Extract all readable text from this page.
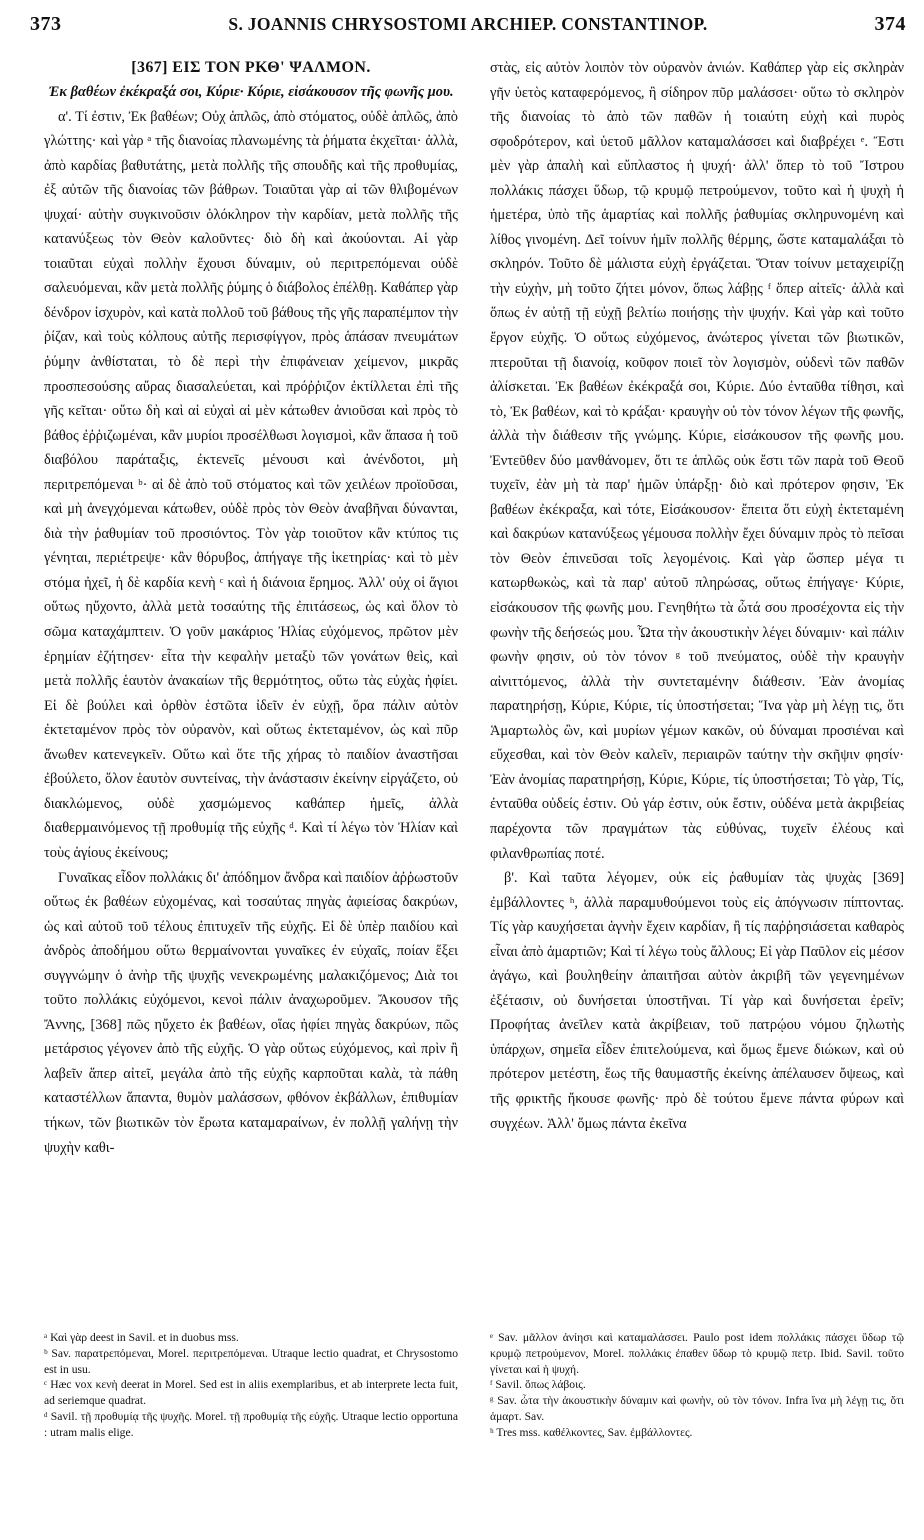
373	S. JOANNIS CHRYSOSTOMI ARCHIEP. CONSTANTINOP.	374
[367] ΕΙΣ ΤΟΝ ΡΚΘ' ΨΑΛΜΟΝ.

Ἐκ βαθέων ἐκέκραξά σοι, Κύριε· Κύριε, εἰσάκουσον τῆς φωνῆς μου.

α'. Τί ἐστιν, Ἐκ βαθέων; Οὐχ ἁπλῶς, ἀπὸ στόματος, οὐδὲ ἁπλῶς, ἀπὸ γλώττης· καὶ γὰρ ᵃ τῆς διανοίας πλανωμένης τὰ ῥήματα ἐκχεῖται· ἀλλὰ, ἀπὸ καρδίας βαθυτάτης, μετὰ πολλῆς τῆς σπουδῆς καὶ τῆς προθυμίας, ἐξ αὐτῶν τῆς διανοίας τῶν βάθρων. Τοιαῦται γὰρ αἱ τῶν θλιβομένων ψυχαί· αὐτὴν συγκινοῦσιν ὁλόκληρον τὴν καρδίαν, μετὰ πολλῆς τῆς κατανύξεως τὸν Θεὸν καλοῦντες· διὸ δὴ καὶ ἀκούονται. Αἱ γὰρ τοιαῦται εὐχαὶ πολλὴν ἔχουσι δύναμιν, οὐ περιτρεπόμεναι οὐδὲ σαλευόμεναι, κἂν μετὰ πολλῆς ῥύμης ὁ διάβολος ἐπέλθῃ. Καθάπερ γὰρ δένδρον ἰσχυρὸν, καὶ κατὰ πολλοῦ τοῦ βάθους τῆς γῆς παραπέμπον τὴν ῥίζαν, καὶ τοὺς κόλπους αὐτῆς περισφίγγον, πρὸς ἁπάσαν πνευμάτων ῥύμην ἀνθίσταται, τὸ δὲ περὶ τὴν ἐπιφάνειαν χείμενον, μικρᾶς προσπεσούσης αὔρας διασαλεύεται, καὶ πρόῤῥιζον ἐκτίλλεται ἐπὶ τῆς γῆς κεῖται· οὕτω δὴ καὶ αἱ εὐχαὶ αἱ μὲν κάτωθεν ἀνιοῦσαι καὶ πρὸς τὸ βάθος ἐῤῥιζωμέναι, κἂν μυρίοι προσέλθωσι λογισμοὶ, κἂν ἅπασα ἡ τοῦ διαβόλου παράταξις, ἐκτενεῖς μένουσι καὶ ἀνένδοτοι, μὴ περιτρεπόμεναι ᵇ· αἱ δὲ ἀπὸ τοῦ στόματος καὶ τῶν χειλέων προϊοῦσαι, καὶ μὴ ἀνεγχόμεναι κάτωθεν, οὐδὲ πρὸς τὸν Θεὸν ἀναβῆναι δύνανται, διὰ τὴν ῥαθυμίαν τοῦ προσιόντος. Τὸν γὰρ τοιοῦτον κἂν κτύπος τις γένηται, περιέτρεψε· κἂν θόρυβος, ἀπήγαγε τῆς ἱκετηρίας· καὶ τὸ μὲν στόμα ἠχεῖ, ἡ δὲ καρδία κενὴ ᶜ καὶ ἡ διάνοια ἔρημος. Ἀλλ' οὐχ οἱ ἅγιοι οὕτως ηὔχοντο, ἀλλὰ μετὰ τοσαύτης τῆς ἐπιτάσεως, ὡς καὶ ὅλον τὸ σῶμα καταχάμπτειν. Ὁ γοῦν μακάριος Ἠλίας εὐχόμενος, πρῶτον μὲν ἐρημίαν ἐζήτησεν· εἶτα τὴν κεφαλὴν μεταξὺ τῶν γονάτων θεὶς, καὶ μετὰ πολλῆς ἑαυτὸν ἀνακαίων τῆς θερμότητος, οὕτω τὰς εὐχὰς ἠφίει. Εἰ δὲ βούλει καὶ ὀρθὸν ἑστῶτα ἰδεῖν ἐν εὐχῇ, ὅρα πάλιν αὐτὸν ἐκτεταμένον πρὸς τὸν οὐρανὸν, καὶ οὕτως ἐκτεταμένον, ὡς καὶ πῦρ ἄνωθεν κατενεγκεῖν. Οὕτω καὶ ὅτε τῆς χήρας τὸ παιδίον ἀναστῆσαι ἐβούλετο, ὅλον ἑαυτὸν συντείνας, τὴν ἀνάστασιν ἐκείνην εἰργάζετο, οὐ διακλώμενος, οὐδὲ χασμώμενος καθάπερ ἡμεῖς, ἀλλὰ διαθερμαινόμενος τῇ προθυμίᾳ τῆς εὐχῆς ᵈ. Καὶ τί λέγω τὸν Ἠλίαν καὶ τοὺς ἁγίους ἐκείνους;

Γυναῖκας εἶδον πολλάκις δι' ἀπόδημον ἄνδρα καὶ παιδίον ἀῤῥωστοῦν οὕτως ἐκ βαθέων εὐχομένας, καὶ τοσαύτας πηγὰς ἀφιείσας δακρύων, ὡς καὶ αὐτοῦ τοῦ τέλους ἐπιτυχεῖν τῆς εὐχῆς. Εἰ δὲ ὑπὲρ παιδίου καὶ ἀνδρὸς ἀποδήμου οὕτω θερμαίνονται γυναῖκες ἐν εὐχαῖς, ποίαν ἕξει συγγνώμην ὁ ἀνὴρ τῆς ψυχῆς νενεκρωμένης μαλακιζόμενος; Διὰ τοι τοῦτο πολλάκις εὐχόμενοι, κενοὶ πάλιν ἀναχωροῦμεν. Ἄκουσον τῆς Ἄννης, [368] πῶς ηὔχετο ἐκ βαθέων, οἵας ἠφίει πηγὰς δακρύων, πῶς μετάρσιος γέγονεν ἀπὸ τῆς εὐχῆς. Ὁ γὰρ οὕτως εὐχόμενος, καὶ πρὶν ἢ λαβεῖν ἅπερ αἰτεῖ, μεγάλα ἀπὸ τῆς εὐχῆς καρποῦται καλὰ, τὰ πάθη καταστέλλων ἅπαντα, θυμὸν μαλάσσων, φθόνον ἐκβάλλων, ἐπιθυμίαν τήκων, τῶν βιωτικῶν τὸν ἔρωτα καταμαραίνων, ἐν πολλῇ γαλήνῃ τὴν ψυχὴν καθι-

στὰς, εἰς αὐτὸν λοιπὸν τὸν οὐρανὸν ἀνιών. Καθάπερ γὰρ εἰς σκληρὰν γῆν ὑετὸς καταφερόμενος, ἢ σίδηρον πῦρ μαλάσσει· οὕτω τὸ σκληρὸν τῆς διανοίας τὸ ἀπὸ τῶν παθῶν ἡ τοιαύτη εὐχὴ καὶ πυρὸς σφοδρότερον, καὶ ὑετοῦ μᾶλλον καταμαλάσσει καὶ διαβρέχει ᵉ. Ἔστι μὲν γὰρ ἁπαλὴ καὶ εὔπλαστος ἡ ψυχή· ἀλλ' ὅπερ τὸ τοῦ Ἴστρου πολλάκις πάσχει ὕδωρ, τῷ κρυμῷ πετρούμενον, τοῦτο καὶ ἡ ψυχὴ ἡ ἡμετέρα, ὑπὸ τῆς ἁμαρτίας καὶ πολλῆς ῥαθυμίας σκληρυνομένη καὶ λίθος γινομένη. Δεῖ τοίνυν ἡμῖν πολλῆς θέρμης, ὥστε καταμαλάξαι τὸ σκληρόν. Τοῦτο δὲ μάλιστα εὐχὴ ἐργάζεται. Ὅταν τοίνυν μεταχειρίζῃ τὴν εὐχὴν, μὴ τοῦτο ζήτει μόνον, ὅπως λάβῃς ᶠ ὅπερ αἰτεῖς· ἀλλὰ καὶ ὅπως ἐν αὐτῇ τῇ εὐχῇ βελτίω ποιήσῃς τὴν ψυχήν. Καὶ γὰρ καὶ τοῦτο ἔργον εὐχῆς. Ὁ οὕτως εὐχόμενος, ἀνώτερος γίνεται τῶν βιωτικῶν, πτεροῦται τῇ διανοίᾳ, κοῦφον ποιεῖ τὸν λογισμὸν, οὐδενὶ τῶν παθῶν ἁλίσκεται. Ἐκ βαθέων ἐκέκραξά σοι, Κύριε. Δύο ἐνταῦθα τίθησι, καὶ τὸ, Ἐκ βαθέων, καὶ τὸ κράξαι· κραυγὴν οὐ τὸν τόνον λέγων τῆς φωνῆς, ἀλλὰ τὴν διάθεσιν τῆς γνώμης. Κύριε, εἰσάκουσον τῆς φωνῆς μου. Ἐντεῦθεν δύο μανθάνομεν, ὅτι τε ἁπλῶς οὐκ ἔστι τῶν παρὰ τοῦ Θεοῦ τυχεῖν, ἐὰν μὴ τὰ παρ' ἡμῶν ὑπάρξῃ· διὸ καὶ πρότερον φησιν, Ἐκ βαθέων ἐκέκραξα, καὶ τότε, Εἰσάκουσον· ἔπειτα ὅτι εὐχὴ ἐκτεταμένη καὶ δακρύων κατανύξεως γέμουσα πολλὴν ἔχει δύναμιν πρὸς τὸ πεῖσαι τὸν Θεὸν ἐπινεῦσαι τοῖς λεγομένοις. Καὶ γὰρ ὥσπερ μέγα τι κατωρθωκὼς, καὶ τὰ παρ' αὐτοῦ πληρώσας, οὕτως ἐπήγαγε· Κύριε, εἰσάκουσον τῆς φωνῆς μου. Γενηθήτω τὰ ὦτά σου προσέχοντα εἰς τὴν φωνὴν τῆς δεήσεώς μου. Ὦτα τὴν ἀκουστικὴν λέγει δύναμιν· καὶ πάλιν φωνὴν φησιν, οὐ τὸν τόνον ᵍ τοῦ πνεύματος, οὐδὲ τὴν κραυγὴν αἰνιττόμενος, ἀλλὰ τὴν συντεταμένην διάθεσιν. Ἐὰν ἀνομίας παρατηρήσῃ, Κύριε, Κύριε, τίς ὑποστήσεται; Ἵνα γὰρ μὴ λέγῃ τις, ὅτι Ἁμαρτωλὸς ὢν, καὶ μυρίων γέμων κακῶν, οὐ δύναμαι προσιέναι καὶ εὔχεσθαι, καὶ τὸν Θεὸν καλεῖν, περιαιρῶν ταύτην τὴν σκῆψιν φησίν· Ἐὰν ἀνομίας παρατηρήσῃ, Κύριε, Κύριε, τίς ὑποστήσεται; Τὸ γὰρ, Τίς, ἐνταῦθα οὐδείς ἐστιν. Οὐ γάρ ἐστιν, οὐκ ἔστιν, οὐδένα μετὰ ἀκριβείας παρέχοντα τῶν πραγμάτων τὰς εὐθύνας, τυχεῖν ἐλέους καὶ φιλανθρωπίας ποτέ.

β'. Καὶ ταῦτα λέγομεν, οὐκ εἰς ῥαθυμίαν τὰς ψυχὰς [369] ἐμβάλλοντες ʰ, ἀλλὰ παραμυθούμενοι τοὺς εἰς ἀπόγνωσιν πίπτοντας. Τίς γὰρ καυχήσεται ἁγνὴν ἔχειν καρδίαν, ἢ τίς παῤῥησιάσεται καθαρὸς εἶναι ἀπὸ ἁμαρτιῶν; Καὶ τί λέγω τοὺς ἄλλους; Εἰ γὰρ Παῦλον εἰς μέσον ἀγάγω, καὶ βουληθείην ἀπαιτῆσαι αὐτὸν ἀκριβῆ τῶν γεγενημένων ἐξέτασιν, οὐ δυνήσεται ὑποστῆναι. Τί γὰρ καὶ δυνήσεται ἐρεῖν; Προφήτας ἀνεῖλεν κατὰ ἀκρίβειαν, τοῦ πατρῴου νόμου ζηλωτὴς ὑπάρχων, σημεῖα εἶδεν ἐπιτελούμενα, καὶ ὅμως ἔμενε διώκων, καὶ οὐ πρότερον μετέστη, ἕως τῆς θαυμαστῆς ἐκείνης ἀπέλαυσεν ὄψεως, καὶ τῆς φρικτῆς ἤκουσε φωνῆς· πρὸ δὲ τούτου ἔμενε πάντα φύρων καὶ συγχέων. Ἀλλ' ὅμως πάντα ἐκεῖνα

ᵃ Καὶ γὰρ deest in Savil. et in duobus mss.

ᵇ Sav. παρατρεπόμεναι, Morel. περιτρεπόμεναι. Utraque lectio quadrat, et Chrysostomo est in usu.

ᶜ Hæc vox κενὴ deerat in Morel. Sed est in aliis exemplaribus, et ab interprete lecta fuit, ad seriemque quadrat.

ᵈ Savil. τῇ προθυμίᾳ τῆς ψυχῆς. Morel. τῇ προθυμίᾳ τῆς εὐχῆς. Utraque lectio opportuna : utram malis elige.

ᵉ Sav. μᾶλλον ἀνίησι καὶ καταμαλάσσει. Paulo post idem πολλάκις πάσχει ὕδωρ τῷ κρυμῷ πετρούμενον, Morel. πολλάκις ἐπαθεν ὕδωρ τὸ κρυμῷ πετρ. Ibid. Savil. τοῦτο γίνεται καὶ ἡ ψυχή.

ᶠ Savil. ὅπως λάβοις.

ᵍ Sav. ὦτα τὴν ἀκουστικὴν δύναμιν καὶ φωνὴν, οὐ τὸν τόνον. Infra ἵνα μὴ λέγῃ τις, ὅτι ἁμαρτ. Sav.

ʰ Tres mss. καθέλκοντες, Sav. ἐμβάλλοντες.
